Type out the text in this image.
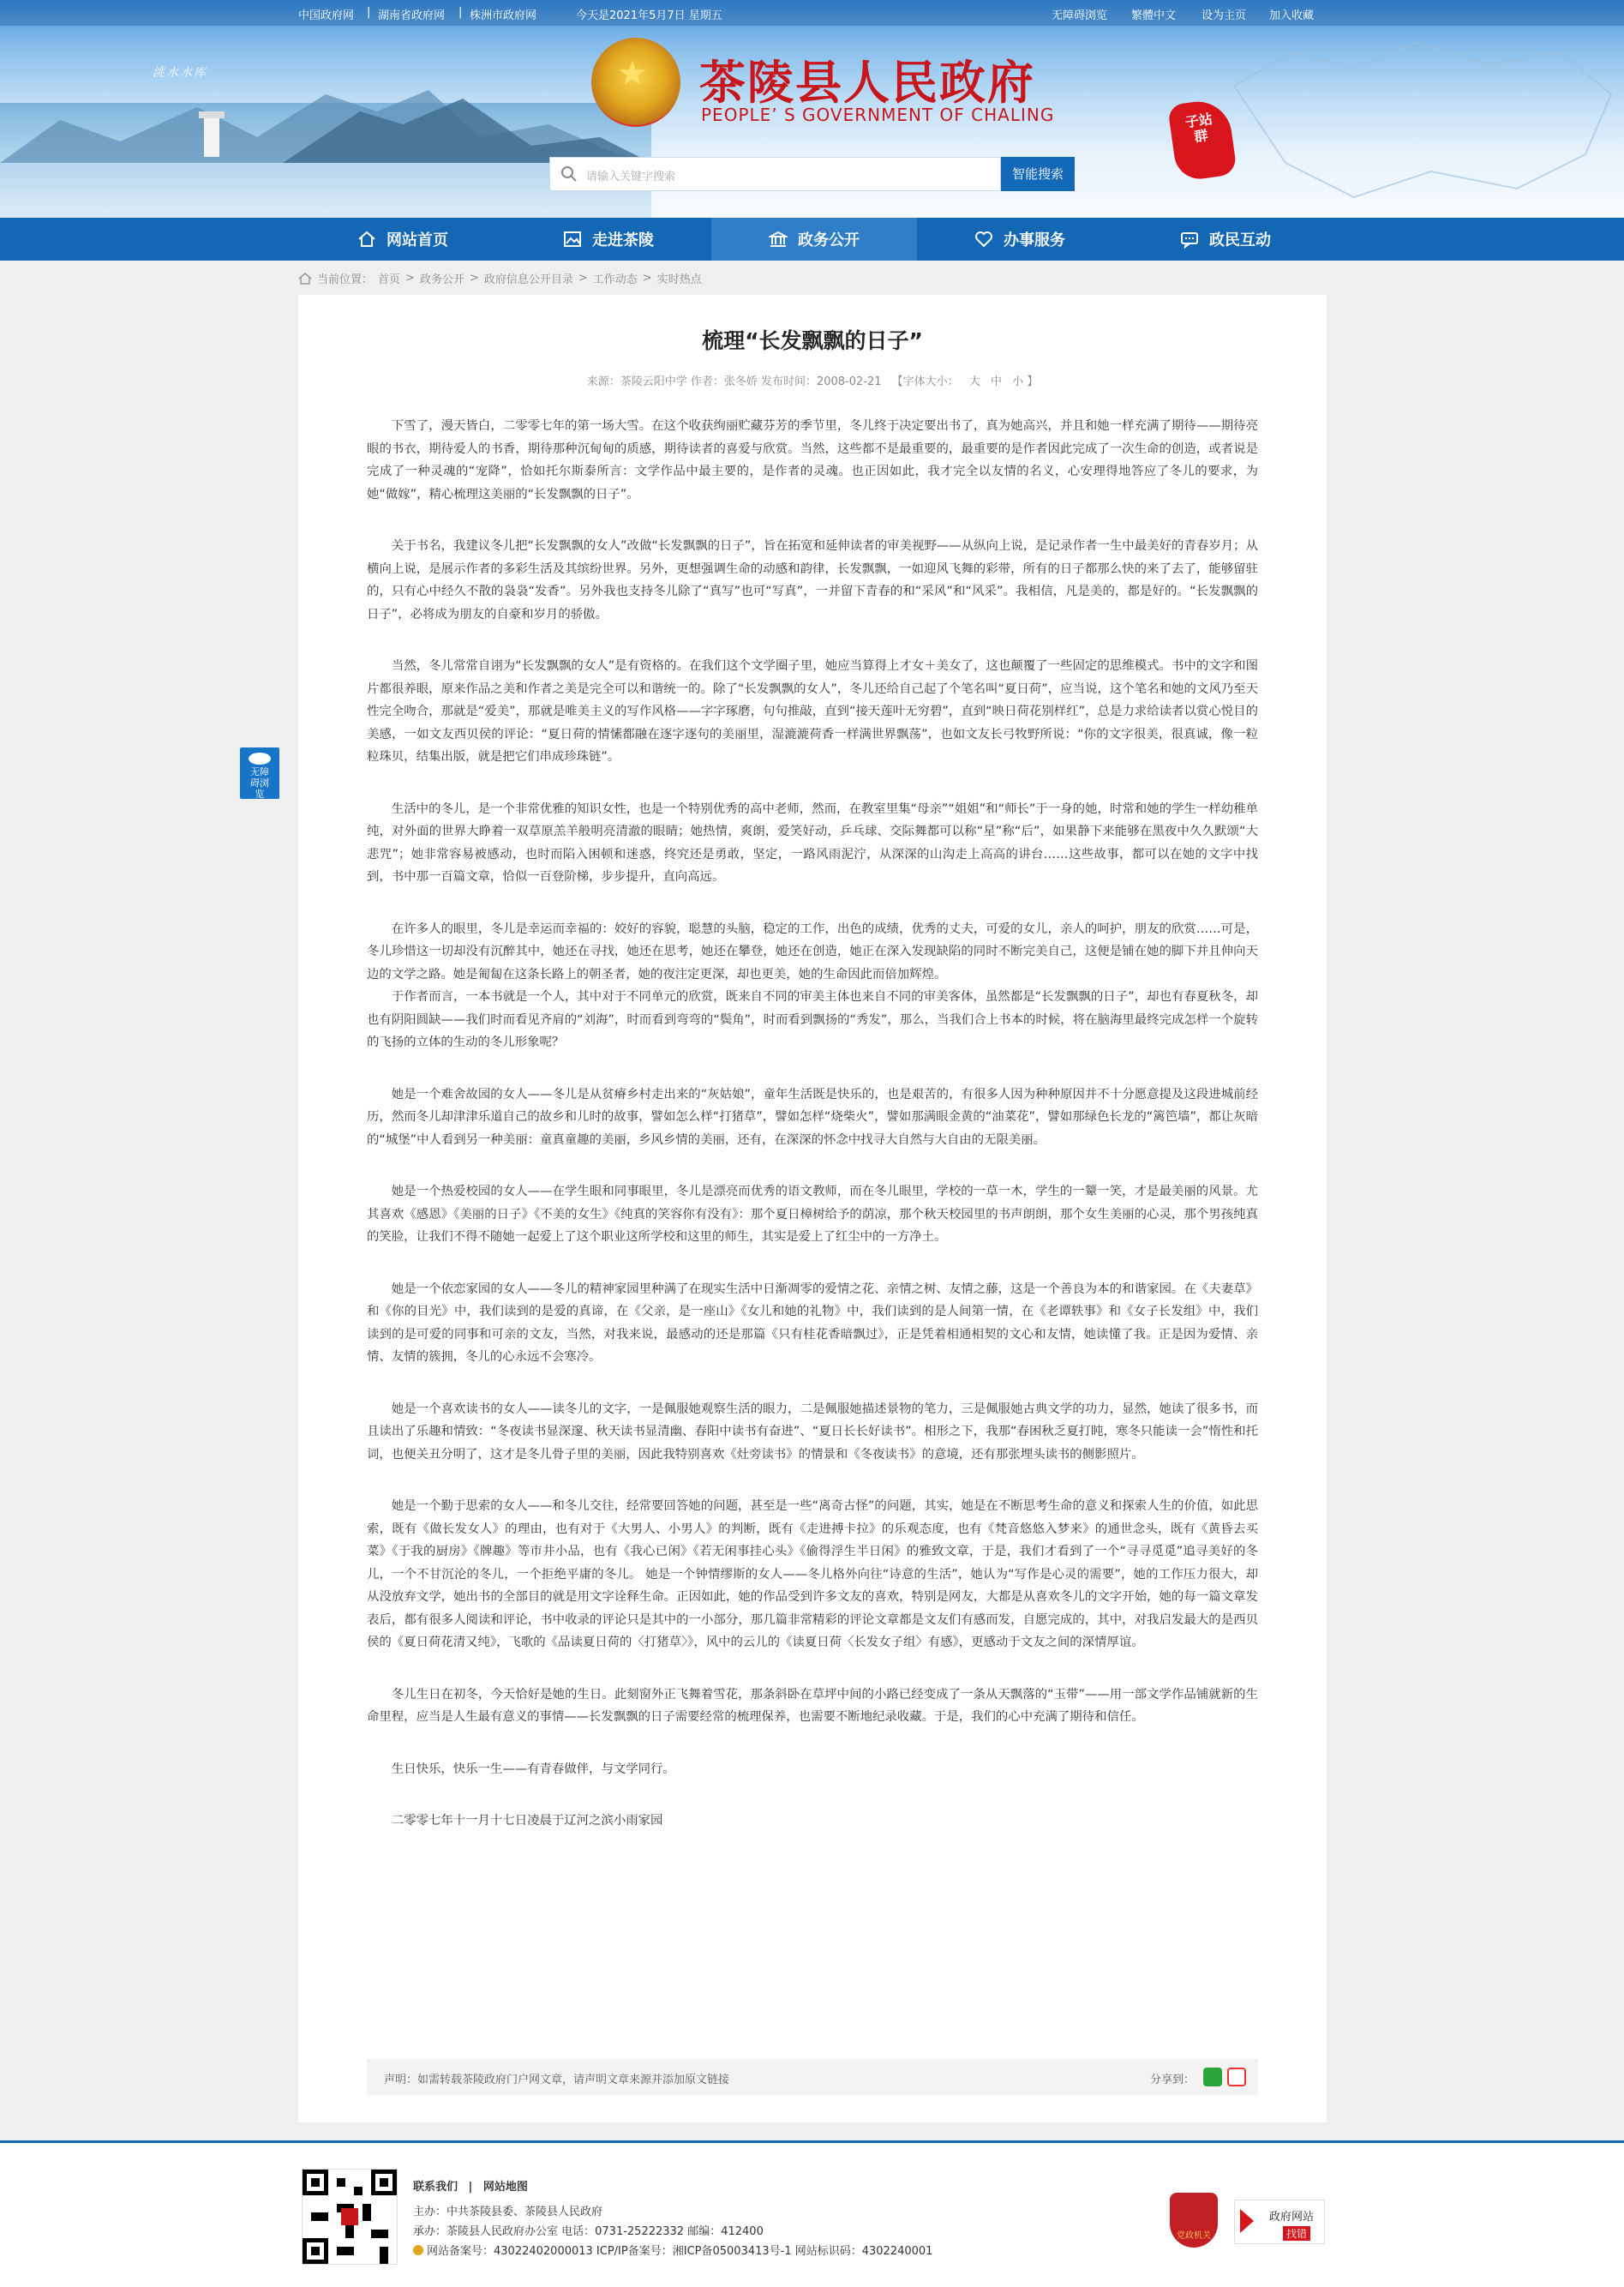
中国政府网 | 湖南省政府网 | 株洲市政府网	今天是2021年5月7日 星期五	无障碍浏览 繁體中文 设为主页 加入收藏
洮水水库	★ 茶陵县人民政府
PEOPLE’ S GOVERNMENT OF CHALING
请输入关键字搜索	智能搜索
子站群
网站首页	走进茶陵	政务公开	办事服务	政民互动
当前位置： 首页 > 政务公开 > 政府信息公开目录 > 工作动态 > 实时热点
无障碍浏览
梳理“长发飘飘的日子”
来源：茶陵云阳中学 作者：张冬娇 发布时间：2008-02-21 【字体大小： 大 中 小 】

下雪了，漫天皆白，二零零七年的第一场大雪。在这个收获绚丽贮藏芬芳的季节里，冬儿终于决定要出书了，真为她高兴，并且和她一样充满了期待——期待亮眼的书衣，期待爱人的书香，期待那种沉甸甸的质感，期待读者的喜爱与欣赏。当然，这些都不是最重要的，最重要的是作者因此完成了一次生命的创造，或者说是完成了一种灵魂的“宠降”，恰如托尔斯泰所言：文学作品中最主要的，是作者的灵魂。也正因如此，我才完全以友情的名义，心安理得地答应了冬儿的要求，为她“做嫁”，精心梳理这美丽的“长发飘飘的日子”。

关于书名，我建议冬儿把“长发飘飘的女人”改做“长发飘飘的日子”，旨在拓宽和延伸读者的审美视野——从纵向上说，是记录作者一生中最美好的青春岁月；从横向上说，是展示作者的多彩生活及其缤纷世界。另外，更想强调生命的动感和韵律，长发飘飘，一如迎风飞舞的彩带，所有的日子都那么快的来了去了，能够留驻的，只有心中经久不散的袅袅“发香”。另外我也支持冬儿除了“真写”也可“写真”，一并留下青春的和“采风”和“风采”。我相信，凡是美的，都是好的。“长发飘飘的日子”，必将成为朋友的自豪和岁月的骄傲。

当然，冬儿常常自诩为“长发飘飘的女人”是有资格的。在我们这个文学圈子里，她应当算得上才女＋美女了，这也颠覆了一些固定的思维模式。书中的文字和图片都很养眼，原来作品之美和作者之美是完全可以和谐统一的。除了“长发飘飘的女人”，冬儿还给自己起了个笔名叫“夏日荷”，应当说，这个笔名和她的文风乃至天性完全吻合，那就是“爱美”，那就是唯美主义的写作风格——字字琢磨，句句推敲，直到“接天莲叶无穷碧”，直到“映日荷花别样红”，总是力求给读者以赏心悦目的美感，一如文友西贝侯的评论：“夏日荷的情愫都融在逐字逐句的美丽里，湿漉漉荷香一样满世界飘荡”，也如文友长弓牧野所说：“你的文字很美，很真诚，像一粒粒珠贝，结集出版，就是把它们串成珍珠链”。

生活中的冬儿，是一个非常优雅的知识女性，也是一个特别优秀的高中老师，然而，在教室里集“母亲”“姐姐”和“师长”于一身的她，时常和她的学生一样幼稚单纯，对外面的世界大睁着一双草原羔羊般明亮清澈的眼睛；她热情，爽朗，爱笑好动，乒乓球、交际舞都可以称“星”称“后”，如果静下来能够在黑夜中久久默颂“大悲咒”；她非常容易被感动，也时而陷入困顿和迷惑，终究还是勇敢，坚定，一路风雨泥泞，从深深的山沟走上高高的讲台……这些故事，都可以在她的文字中找到，书中那一百篇文章，恰似一百登阶梯，步步提升，直向高远。

在许多人的眼里，冬儿是幸运而幸福的：姣好的容貌，聪慧的头脑，稳定的工作，出色的成绩，优秀的丈夫，可爱的女儿，亲人的呵护，朋友的欣赏……可是，冬儿珍惜这一切却没有沉醉其中，她还在寻找，她还在思考，她还在攀登，她还在创造，她正在深入发现缺陷的同时不断完美自己，这便是铺在她的脚下并且伸向天边的文学之路。她是匍匐在这条长路上的朝圣者，她的夜注定更深，却也更美，她的生命因此而倍加辉煌。

于作者而言，一本书就是一个人，其中对于不同单元的欣赏，既来自不同的审美主体也来自不同的审美客体，虽然都是“长发飘飘的日子”，却也有春夏秋冬，却也有阴阳圆缺——我们时而看见齐肩的“刘海”，时而看到弯弯的“鬓角”，时而看到飘扬的“秀发”，那么，当我们合上书本的时候，将在脑海里最终完成怎样一个旋转的飞扬的立体的生动的冬儿形象呢？

她是一个难舍故园的女人——冬儿是从贫瘠乡村走出来的“灰姑娘”，童年生活既是快乐的，也是艰苦的，有很多人因为种种原因并不十分愿意提及这段进城前经历，然而冬儿却津津乐道自己的故乡和儿时的故事，譬如怎么样“打猪草”，譬如怎样“烧柴火”，譬如那满眼金黄的“油菜花”，譬如那绿色长龙的“篱笆墙”，都让灰暗的“城堡”中人看到另一种美丽：童真童趣的美丽，乡风乡情的美丽，还有，在深深的怀念中找寻大自然与大自由的无限美丽。

她是一个热爱校园的女人——在学生眼和同事眼里，冬儿是漂亮而优秀的语文教师，而在冬儿眼里，学校的一草一木，学生的一颦一笑，才是最美丽的风景。尤其喜欢《感恩》《美丽的日子》《不美的女生》《纯真的笑容你有没有》：那个夏日樟树给予的荫凉，那个秋天校园里的书声朗朗，那个女生美丽的心灵，那个男孩纯真的笑脸，让我们不得不随她一起爱上了这个职业这所学校和这里的师生，其实是爱上了红尘中的一方净土。

她是一个依恋家园的女人——冬儿的精神家园里种满了在现实生活中日渐凋零的爱情之花、亲情之树、友情之藤，这是一个善良为本的和谐家园。在《夫妻草》和《你的目光》中，我们读到的是爱的真谛，在《父亲，是一座山》《女儿和她的礼物》中，我们读到的是人间第一情，在《老谭轶事》和《女子长发组》中，我们读到的是可爱的同事和可亲的文友，当然，对我来说，最感动的还是那篇《只有桂花香暗飘过》，正是凭着相通相契的文心和友情，她读懂了我。正是因为爱情、亲情、友情的簇拥，冬儿的心永远不会寒冷。

她是一个喜欢读书的女人——读冬儿的文字，一是佩服她观察生活的眼力，二是佩服她描述景物的笔力，三是佩服她古典文学的功力，显然，她读了很多书，而且读出了乐趣和情致：“冬夜读书显深邃、秋天读书显清幽、春阳中读书有奋进”、“夏日长长好读书”。相形之下，我那“春困秋乏夏打盹，寒冬只能读一会”惰性和托词，也便关丑分明了，这才是冬儿骨子里的美丽，因此我特别喜欢《灶旁读书》的情景和《冬夜读书》的意境，还有那张埋头读书的侧影照片。

她是一个勤于思索的女人——和冬儿交往，经常要回答她的问题，甚至是一些“离奇古怪”的问题，其实，她是在不断思考生命的意义和探索人生的价值，如此思索，既有《做长发女人》的理由，也有对于《大男人、小男人》的判断，既有《走进搏卡拉》的乐观态度，也有《梵音悠悠入梦来》的通世念头，既有《黄昏去买菜》《于我的厨房》《牌趣》等市井小品，也有《我心已闲》《若无闲事挂心头》《偷得浮生半日闲》的雅致文章，于是，我们才看到了一个“寻寻觅觅”追寻美好的冬儿，一个不甘沉沦的冬儿，一个拒绝平庸的冬儿。 她是一个钟情缪斯的女人——冬儿格外向往“诗意的生活”，她认为“写作是心灵的需要”，她的工作压力很大，却从没放弃文学，她出书的全部目的就是用文字诠释生命。正因如此，她的作品受到许多文友的喜欢，特别是网友，大都是从喜欢冬儿的文字开始，她的每一篇文章发表后，都有很多人阅读和评论，书中收录的评论只是其中的一小部分，那几篇非常精彩的评论文章都是文友们有感而发，自愿完成的，其中，对我启发最大的是西贝侯的《夏日荷花清又纯》，飞歌的《品读夏日荷的〈打猪草〉》，风中的云儿的《读夏日荷〈长发女子组〉有感》，更感动于文友之间的深情厚谊。

冬儿生日在初冬，今天恰好是她的生日。此刻窗外正飞舞着雪花，那条斜卧在草坪中间的小路已经变成了一条从天飘落的“玉带”——用一部文学作品铺就新的生命里程，应当是人生最有意义的事情——长发飘飘的日子需要经常的梳理保养，也需要不断地纪录收藏。于是，我们的心中充满了期待和信任。

生日快乐，快乐一生——有青春做伴，与文学同行。

二零零七年十一月十七日凌晨于辽河之滨小雨家园

声明：如需转载茶陵政府门户网文章，请声明文章来源并添加原文链接	分享到：
联系我们 | 网站地图
主办：中共茶陵县委、茶陵县人民政府
承办：茶陵县人民政府办公室 电话：0731-25222332 邮编：412400
网站备案号：43022402000013 ICP/IP备案号：湘ICP备05003413号-1 网站标识码：4302240001
党政机关
政府网站
找错
